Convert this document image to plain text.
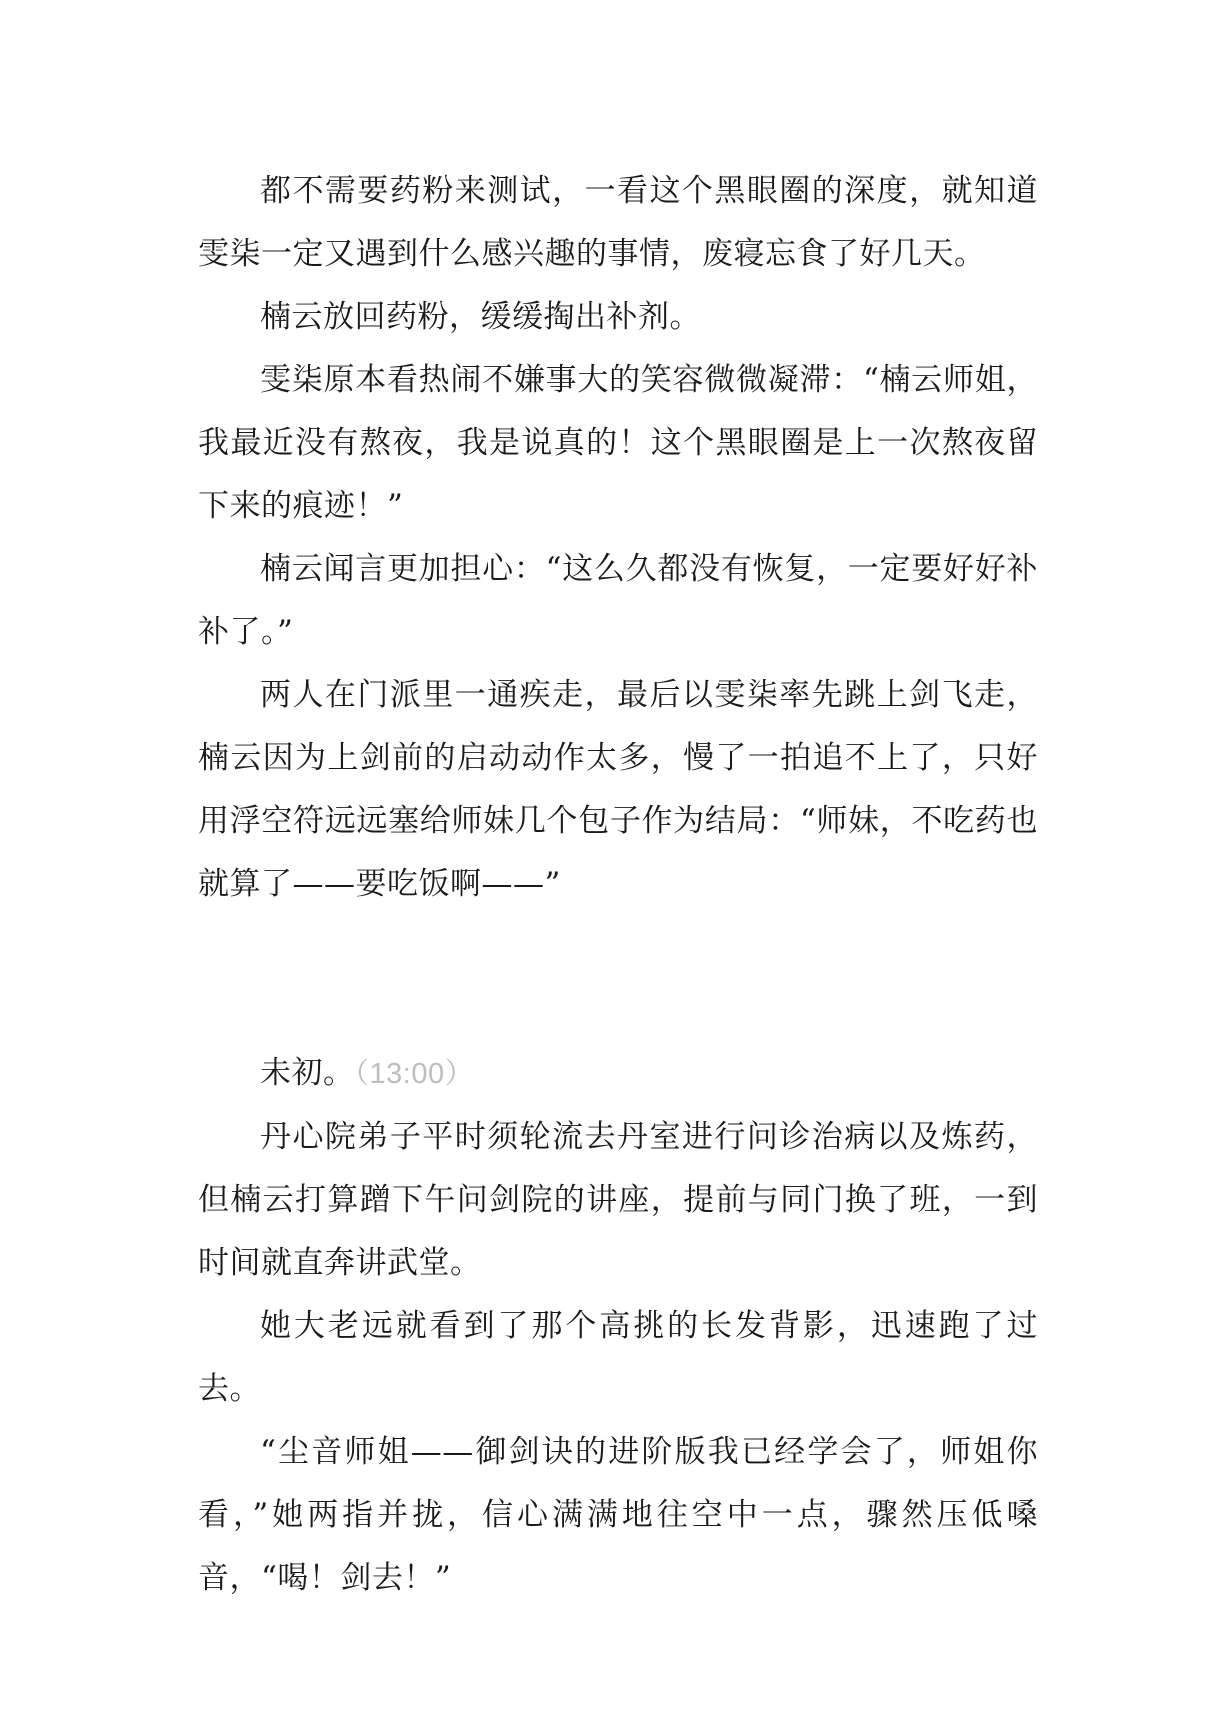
都不需要药粉来测试，一看这个黑眼圈的深度，就知道雯柒一定又遇到什么感兴趣的事情，废寝忘食了好几天。

楠云放回药粉，缓缓掏出补剂。

雯柒原本看热闹不嫌事大的笑容微微凝滞：“楠云师姐，我最近没有熬夜，我是说真的！这个黑眼圈是上一次熬夜留下来的痕迹！”

楠云闻言更加担心：“这么久都没有恢复，一定要好好补补了。”

两人在门派里一通疾走，最后以雯柒率先跳上剑飞走，楠云因为上剑前的启动动作太多，慢了一拍追不上了，只好用浮空符远远塞给师妹几个包子作为结局：“师妹，不吃药也就算了——要吃饭啊——”

未初。（13:00）

丹心院弟子平时须轮流去丹室进行问诊治病以及炼药，但楠云打算蹭下午问剑院的讲座，提前与同门换了班，一到时间就直奔讲武堂。

她大老远就看到了那个高挑的长发背影，迅速跑了过去。

“尘音师姐——御剑诀的进阶版我已经学会了，师姐你看，”她两指并拢，信心满满地往空中一点，骤然压低嗓音，“喝！剑去！”
